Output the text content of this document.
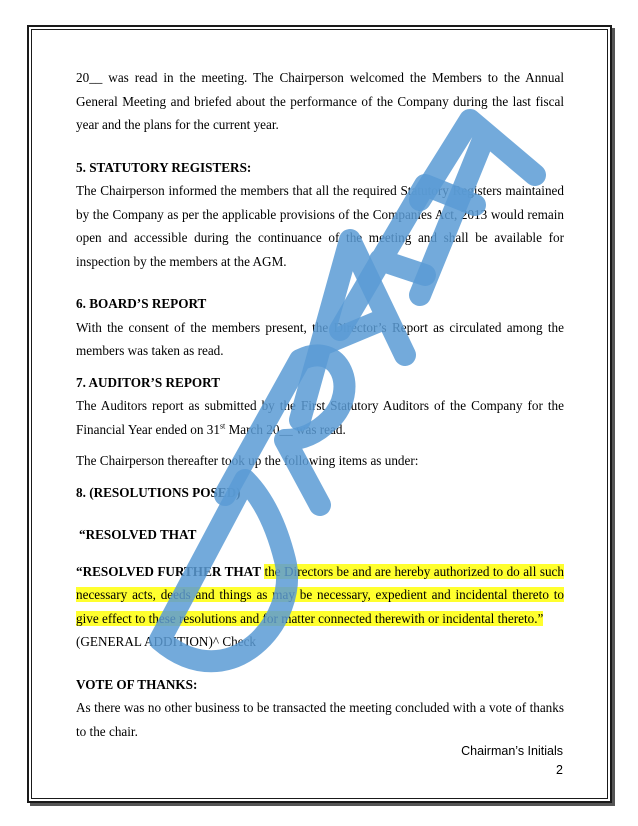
20__ was read in the meeting. The Chairperson welcomed the Members to the Annual General Meeting and briefed about the performance of the Company during the last fiscal year and the plans for the current year.

5. STATUTORY REGISTERS:

The Chairperson informed the members that all the required Statutory Registers maintained by the Company as per the applicable provisions of the Companies Act, 2013 would remain open and accessible during the continuance of the meeting and shall be available for inspection by the members at the AGM.

6. BOARD’S REPORT

With the consent of the members present, the Director’s Report as circulated among the members was taken as read.

7. AUDITOR’S REPORT

The Auditors report as submitted by the First Statutory Auditors of the Company for the Financial Year ended on 31st March 20__ was read.

The Chairperson thereafter took up the following items as under:

8. (RESOLUTIONS POSED)

“RESOLVED THAT

“RESOLVED FURTHER THAT the Directors be and are hereby authorized to do all such necessary acts, deeds and things as may be necessary, expedient and incidental thereto to give effect to these resolutions and for matter connected therewith or incidental thereto.”

(GENERAL ADDITION)^ Check

VOTE OF THANKS:

As there was no other business to be transacted the meeting concluded with a vote of thanks to the chair.

Chairman’s Initials
2
